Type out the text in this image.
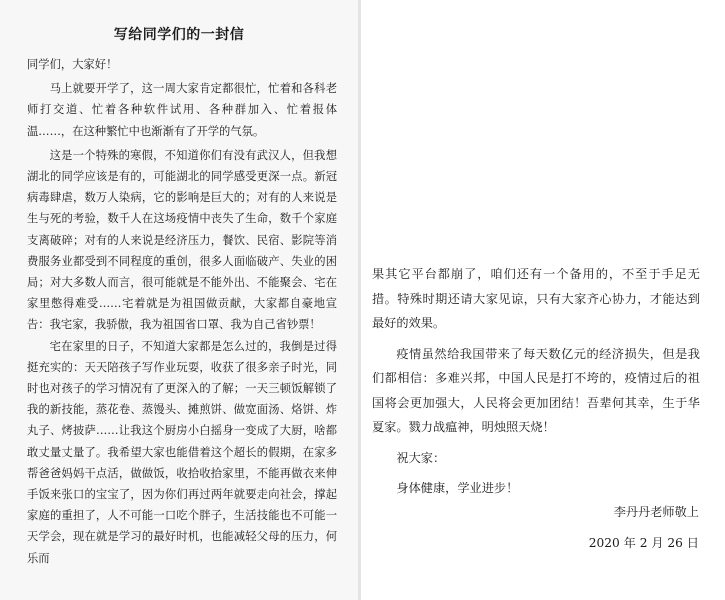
写给同学们的一封信

同学们，大家好！

马上就要开学了，这一周大家肯定都很忙，忙着和各科老师打交道、忙着各种软件试用、各种群加入、忙着报体温……，在这种繁忙中也渐渐有了开学的气氛。

这是一个特殊的寒假，不知道你们有没有武汉人，但我想湖北的同学应该是有的，可能湖北的同学感受更深一点。新冠病毒肆虐，数万人染病，它的影响是巨大的；对有的人来说是生与死的考验，数千人在这场疫情中丧失了生命，数千个家庭支离破碎；对有的人来说是经济压力，餐饮、民宿、影院等消费服务业都受到不同程度的重创，很多人面临破产、失业的困局；对大多数人而言，很可能就是不能外出、不能聚会、宅在家里憋得难受……宅着就是为祖国做贡献，大家都自豪地宣告：我宅家，我骄傲，我为祖国省口罩、我为自己省钞票！

宅在家里的日子，不知道大家都是怎么过的，我倒是过得挺充实的：天天陪孩子写作业玩耍，收获了很多亲子时光，同时也对孩子的学习情况有了更深入的了解；一天三顿饭解锁了我的新技能，蒸花卷、蒸馒头、摊煎饼、做宽面汤、烙饼、炸丸子、烤披萨……让我这个厨房小白摇身一变成了大厨，啥都敢丈量丈量了。我希望大家也能借着这个超长的假期，在家多帮爸爸妈妈干点活，做做饭，收拾收拾家里，不能再做衣来伸手饭来张口的宝宝了，因为你们再过两年就要走向社会，撑起家庭的重担了，人不可能一口吃个胖子，生活技能也不可能一天学会，现在就是学习的最好时机，也能减轻父母的压力，何乐而

果其它平台都崩了，咱们还有一个备用的，不至于手足无措。特殊时期还请大家见谅，只有大家齐心协力，才能达到最好的效果。

疫情虽然给我国带来了每天数亿元的经济损失，但是我们都相信：多难兴邦，中国人民是打不垮的，疫情过后的祖国将会更加强大，人民将会更加团结！吾辈何其幸，生于华夏家。戮力战瘟神，明烛照天烧！

祝大家：

身体健康，学业进步！

李丹丹老师敬上
2020 年 2 月 26 日
